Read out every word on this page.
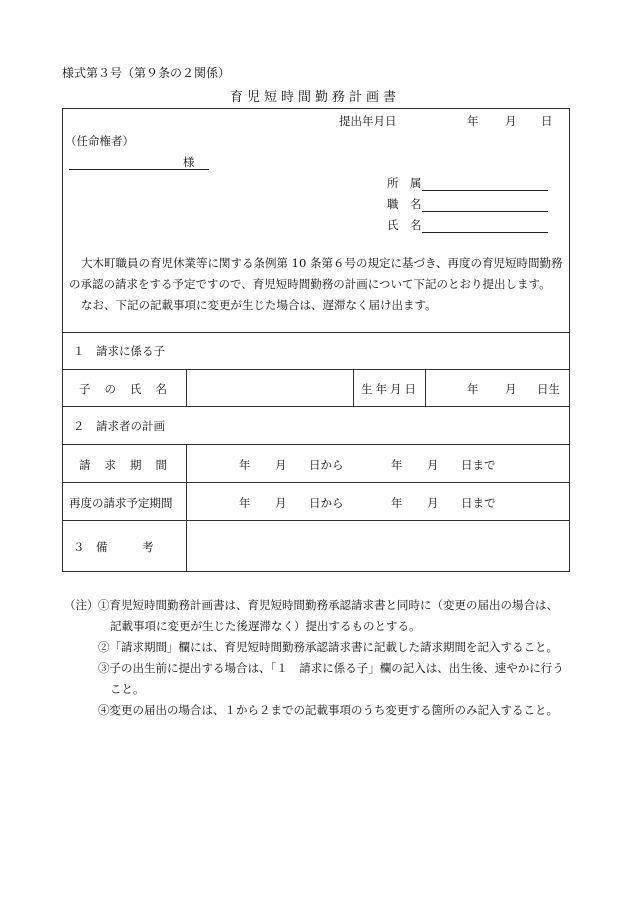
様式第３号（第９条の２関係）
育児短時間勤務計画書
提出年月日	年 月 日
（任命権者）
様
所　属
職　名
氏　名
大木町職員の育児休業等に関する条例第 10 条第６号の規定に基づき、再度の育児短時間勤務
の承認の請求をする予定ですので、育児短時間勤務の計画について下記のとおり提出します。
なお、下記の記載事項に変更が生じた場合は、遅滞なく届け出ます。
１　請求に係る子
子の氏名	生年月日	年 月 日生
２　請求者の計画
請求期間	年 月 日から	年 月 日まで
再度の請求予定期間	年 月 日から	年 月 日まで
３　備　　　考
（注） ①育児短時間勤務計画書は、育児短時間勤務承認請求書と同時に（変更の届出の場合は、
記載事項に変更が生じた後遅滞なく）提出するものとする。
②「請求期間」欄には、育児短時間勤務承認請求書に記載した請求期間を記入すること。
③子の出生前に提出する場合は、「１　請求に係る子」欄の記入は、出生後、速やかに行う
こと。
④変更の届出の場合は、１から２までの記載事項のうち変更する箇所のみ記入すること。
